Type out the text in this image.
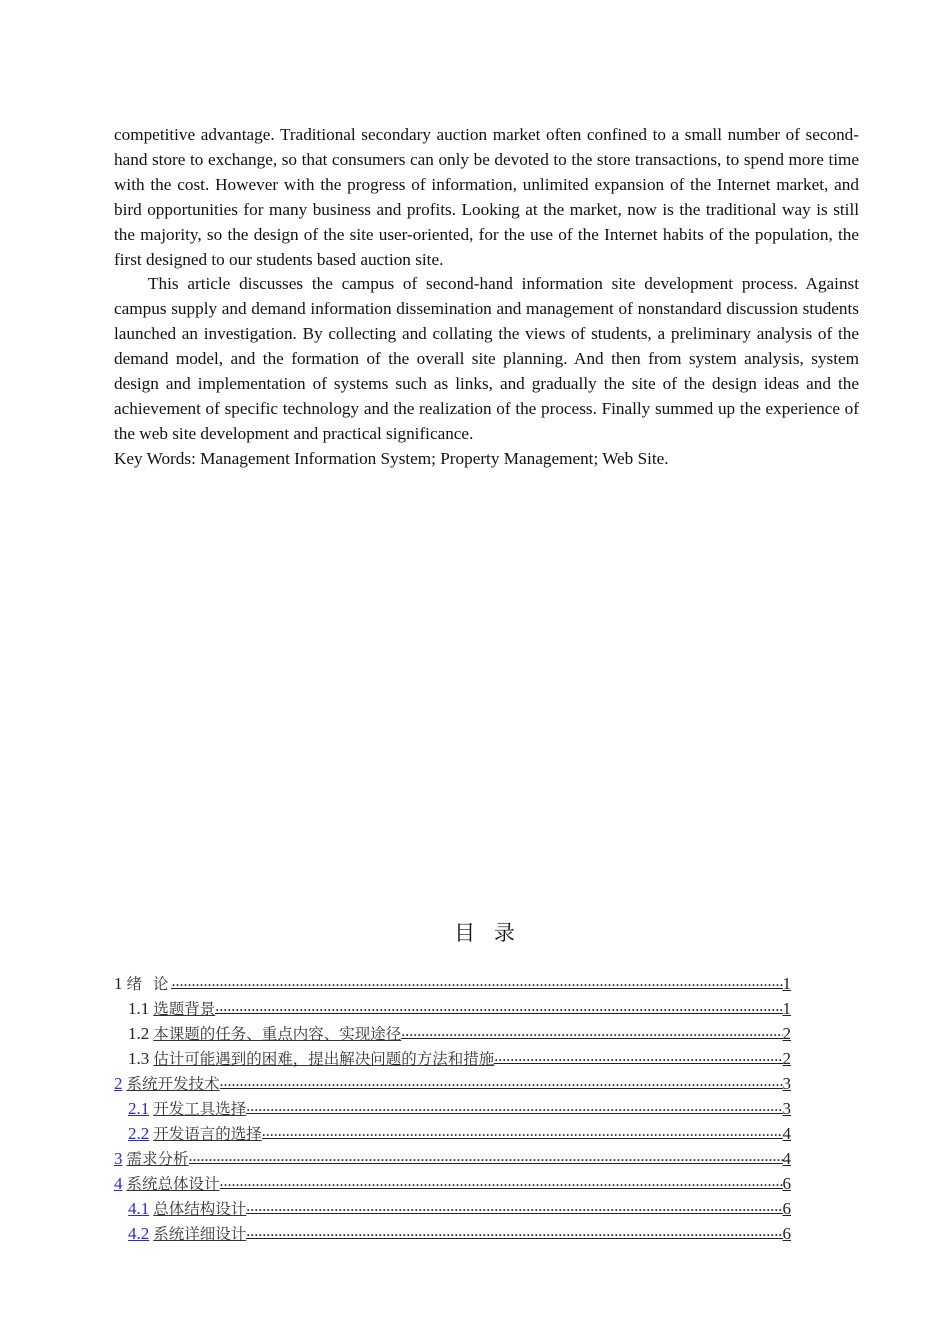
competitive advantage. Traditional secondary auction market often confined to a small number of second-hand store to exchange, so that consumers can only be devoted to the store transactions, to spend more time with the cost. However with the progress of information, unlimited expansion of the Internet market, and bird opportunities for many business and profits. Looking at the market, now is the traditional way is still the majority, so the design of the site user-oriented, for the use of the Internet habits of the population, the first designed to our students based auction site.

This article discusses the campus of second-hand information site development process. Against campus supply and demand information dissemination and management of nonstandard discussion students launched an investigation. By collecting and collating the views of students, a preliminary analysis of the demand model, and the formation of the overall site planning. And then from system analysis, system design and implementation of systems such as links, and gradually the site of the design ideas and the achievement of specific technology and the realization of the process. Finally summed up the experience of the web site development and practical significance.

Key Words: Management Information System; Property Management; Web Site.

目 录
1 绪 论 .....	1
1.1 选题背景 .....	1
1.2 本课题的任务、重点内容、实现途径 .....	2
1.3 估计可能遇到的困难，提出解决问题的方法和措施 .....	2
2 系统开发技术 .....	3
2.1 开发工具选择 .....	3
2.2 开发语言的选择 .....	4
3 需求分析 .....	4
4 系统总体设计 .....	6
4.1 总体结构设计 .....	6
4.2 系统详细设计 .....	6
